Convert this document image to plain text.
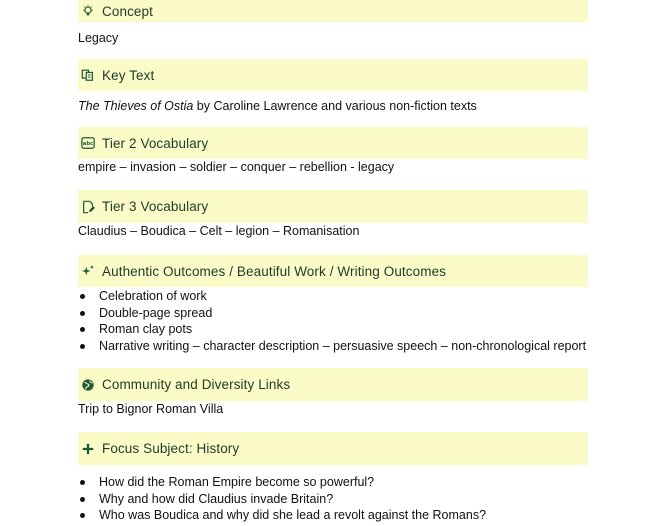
Concept
Legacy
Key Text
The Thieves of Ostia by Caroline Lawrence and various non-fiction texts
abc Tier 2 Vocabulary
empire – invasion – soldier – conquer – rebellion - legacy
Tier 3 Vocabulary
Claudius – Boudica – Celt – legion – Romanisation
Authentic Outcomes / Beautiful Work / Writing Outcomes
Celebration of work
Double-page spread
Roman clay pots
Narrative writing – character description – persuasive speech – non-chronological report
Community and Diversity Links
Trip to Bignor Roman Villa
Focus Subject: History
How did the Roman Empire become so powerful?
Why and how did Claudius invade Britain?
Who was Boudica and why did she lead a revolt against the Romans?
